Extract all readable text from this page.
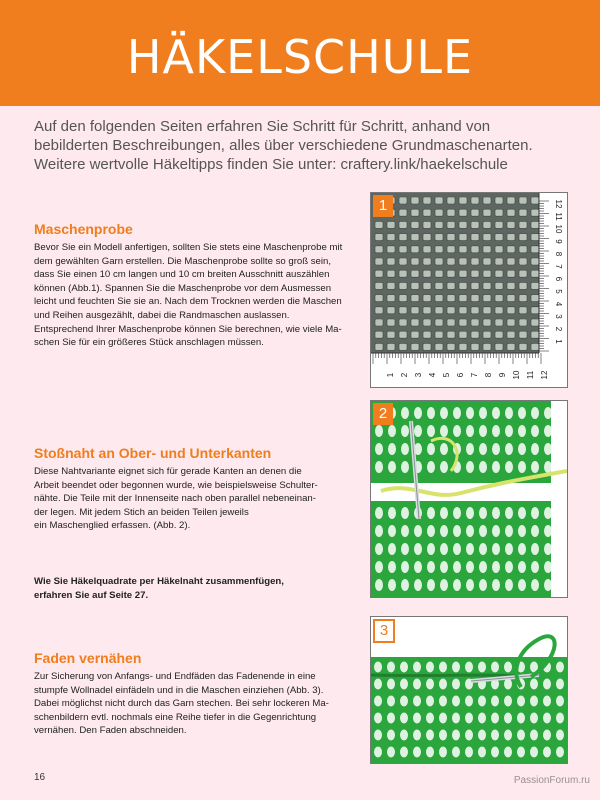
HÄKELSCHULE
Auf den folgenden Seiten erfahren Sie Schritt für Schritt, anhand von
bebilderten Beschreibungen, alles über verschiedene Grundmaschenarten.
Weitere wertvolle Häkeltipps finden Sie unter: craftery.link/haekelschule
Maschenprobe
Bevor Sie ein Modell anfertigen, sollten Sie stets eine Maschenprobe mit
dem gewählten Garn erstellen. Die Maschenprobe sollte so groß sein,
dass Sie einen 10 cm langen und 10 cm breiten Ausschnitt auszählen
können (Abb.1). Spannen Sie die Maschenprobe vor dem Ausmessen
leicht und feuchten Sie sie an. Nach dem Trocknen werden die Maschen
und Reihen ausgezählt, dabei die Randmaschen auslassen.
Entsprechend Ihrer Maschenprobe können Sie berechnen, wie viele Ma-
schen Sie für ein größeres Stück anschlagen müssen.
Stoßnaht an Ober- und Unterkanten
Diese Nahtvariante eignet sich für gerade Kanten an denen die
Arbeit beendet oder begonnen wurde, wie beispielsweise Schulter-
nähte. Die Teile mit der Innenseite nach oben parallel nebeneinan-
der legen. Mit jedem Stich an beiden Teilen jeweils
ein Maschenglied erfassen. (Abb. 2).
Wie Sie Häkelquadrate per Häkelnaht zusammenfügen,
erfahren Sie auf Seite 27.
Faden vernähen
Zur Sicherung von Anfangs- und Endfäden das Fadenende in eine
stumpfe Wollnadel einfädeln und in die Maschen einziehen (Abb. 3).
Dabei möglichst nicht durch das Garn stechen. Bei sehr lockeren Ma-
schenbildern evtl. nochmals eine Reihe tiefer in die Gegenrichtung
vernähen. Den Faden abschneiden.
1
1
2
2
3
3
4
4
5
5
6
6
7
7
8
8
9
9
10
10
11
11
12
12
1
2
3
16	PassionForum.ru
